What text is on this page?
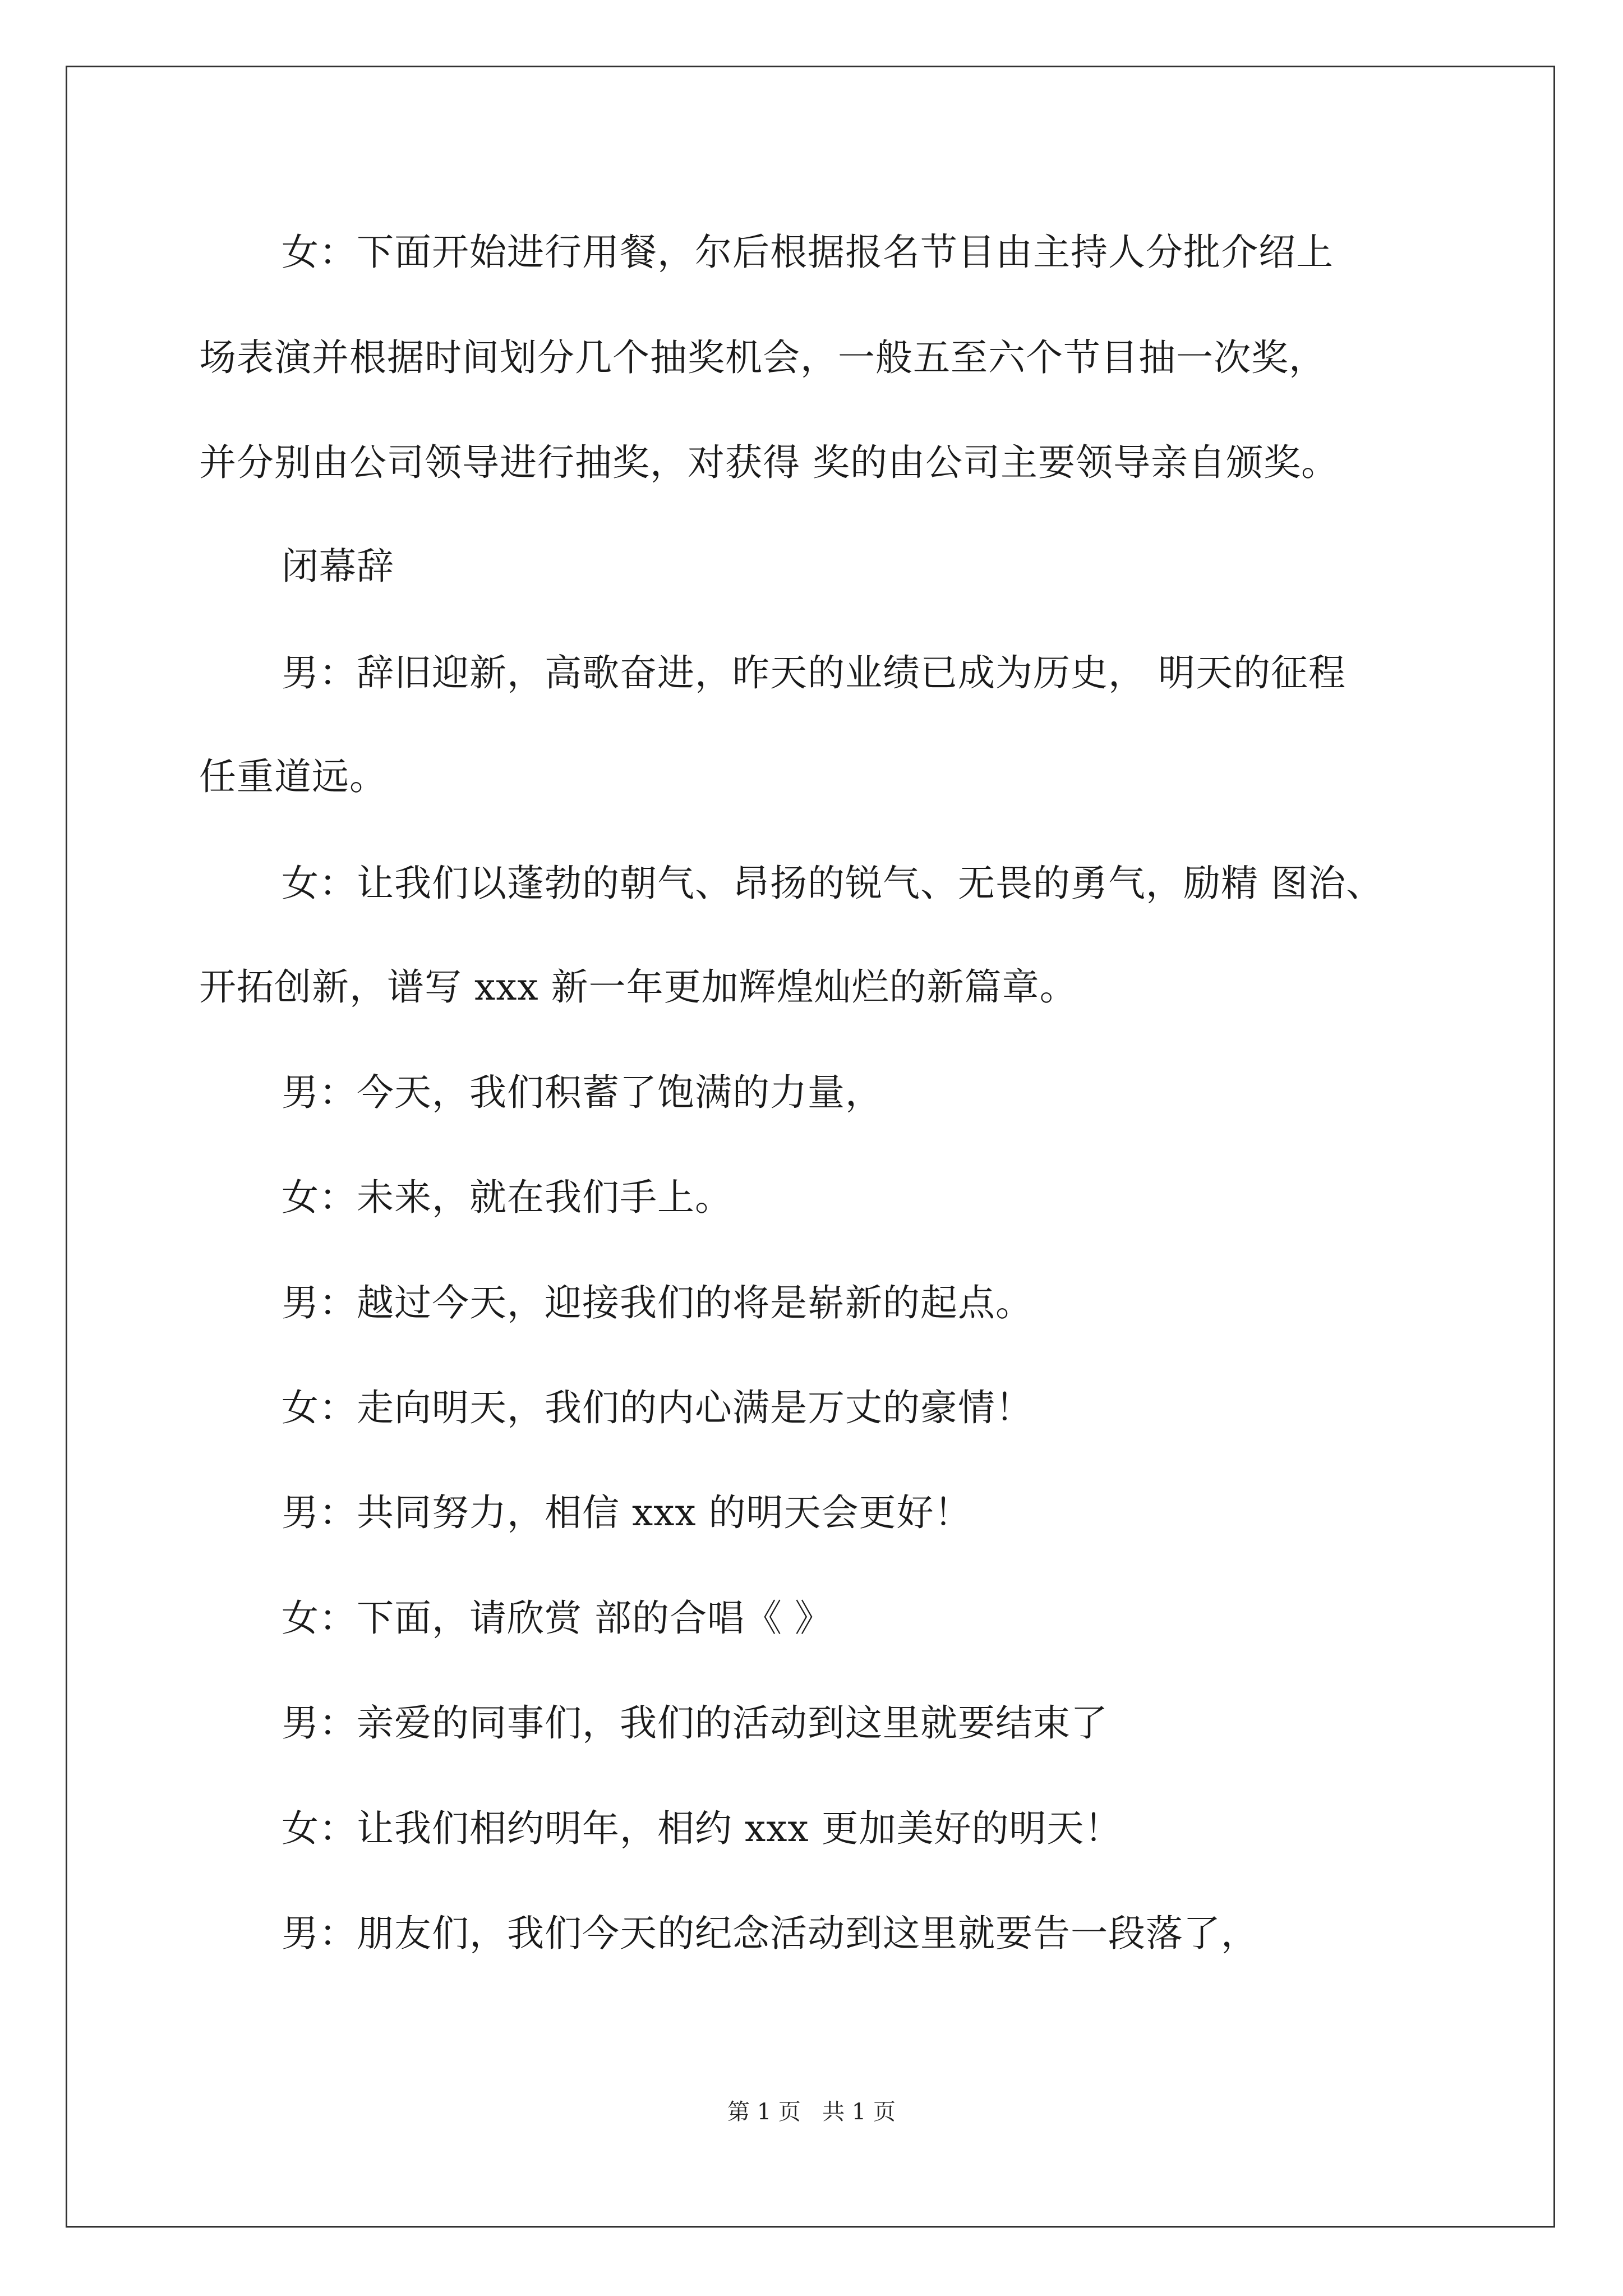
女：下面开始进行用餐，尔后根据报名节目由主持人分批介绍上
场表演并根据时间划分几个抽奖机会，一般五至六个节目抽一次奖，
并分别由公司领导进行抽奖，对获得 奖的由公司主要领导亲自颁奖。
闭幕辞
男：辞旧迎新，高歌奋进，昨天的业绩已成为历史， 明天的征程
任重道远。
女：让我们以蓬勃的朝气、昂扬的锐气、无畏的勇气，励精 图治、
开拓创新，谱写 xxx 新一年更加辉煌灿烂的新篇章。
男：今天，我们积蓄了饱满的力量，
女：未来，就在我们手上。
男：越过今天，迎接我们的将是崭新的起点。
女：走向明天，我们的内心满是万丈的豪情！
男：共同努力，相信 xxx 的明天会更好！
女：下面，请欣赏 部的合唱《 》
男：亲爱的同事们，我们的活动到这里就要结束了
女：让我们相约明年，相约 xxx 更加美好的明天！
男：朋友们，我们今天的纪念活动到这里就要告一段落了，
第 1 页   共 1 页
